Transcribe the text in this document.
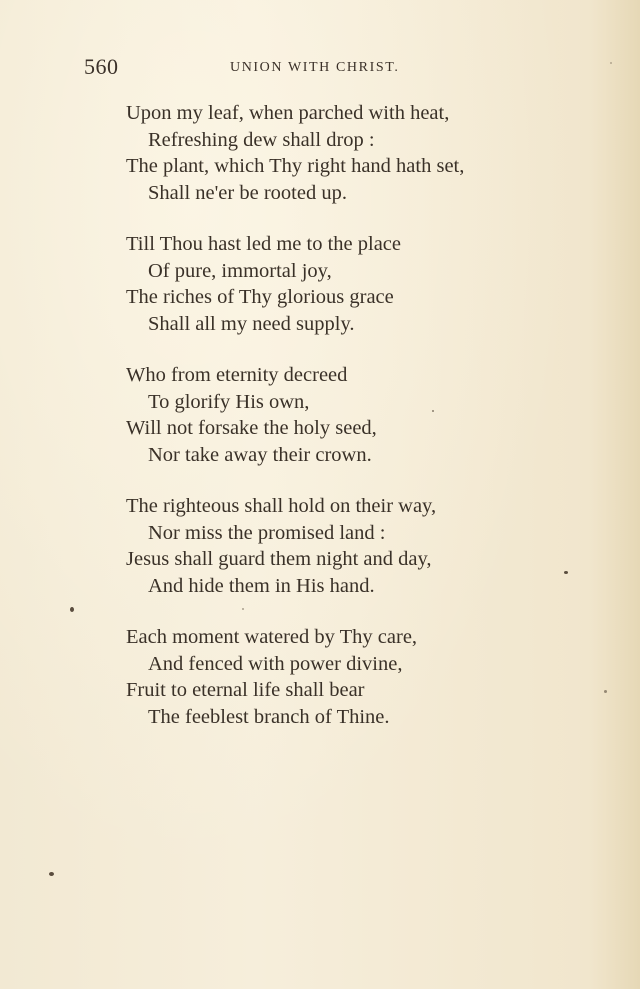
560	UNION WITH CHRIST.
Upon my leaf, when parched with heat,
Refreshing dew shall drop :
The plant, which Thy right hand hath set,
Shall ne'er be rooted up.
Till Thou hast led me to the place
Of pure, immortal joy,
The riches of Thy glorious grace
Shall all my need supply.
Who from eternity decreed
To glorify His own,
Will not forsake the holy seed,
Nor take away their crown.
The righteous shall hold on their way,
Nor miss the promised land :
Jesus shall guard them night and day,
And hide them in His hand.
Each moment watered by Thy care,
And fenced with power divine,
Fruit to eternal life shall bear
The feeblest branch of Thine.
